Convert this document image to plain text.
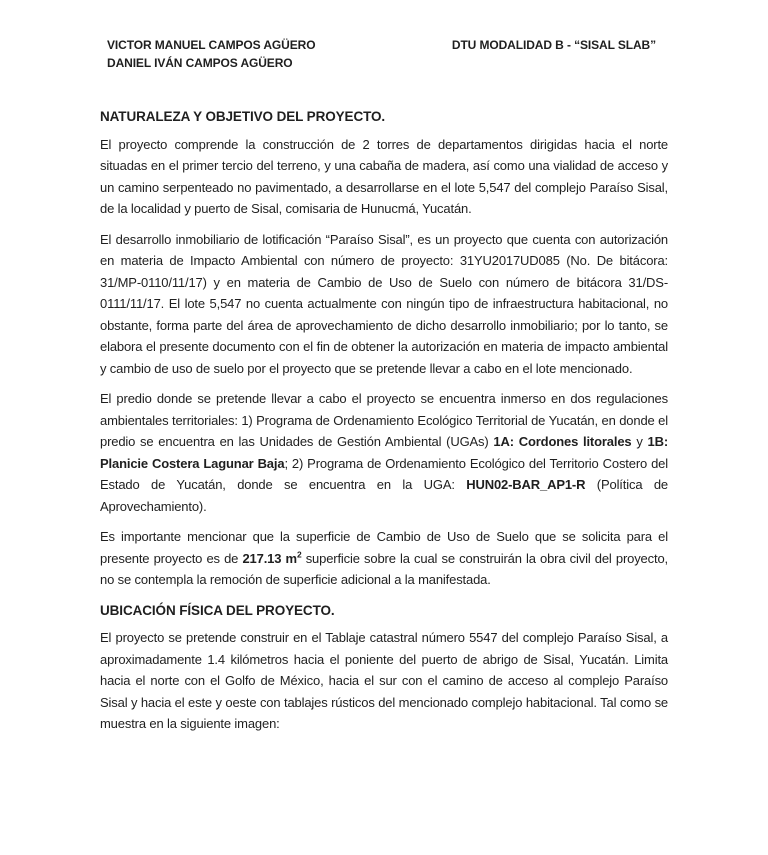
VICTOR MANUEL CAMPOS AGÜERO
DANIEL IVÁN CAMPOS AGÜERO
DTU MODALIDAD B - “SISAL SLAB”
NATURALEZA Y OBJETIVO DEL PROYECTO.

El proyecto comprende la construcción de 2 torres de departamentos dirigidas hacia el norte situadas en el primer tercio del terreno, y una cabaña de madera, así como una vialidad de acceso y un camino serpenteado no pavimentado, a desarrollarse en el lote 5,547 del complejo Paraíso Sisal, de la localidad y puerto de Sisal, comisaria de Hunucmá, Yucatán.

El desarrollo inmobiliario de lotificación “Paraíso Sisal”, es un proyecto que cuenta con autorización en materia de Impacto Ambiental con número de proyecto: 31YU2017UD085 (No. De bitácora: 31/MP-0110/11/17) y en materia de Cambio de Uso de Suelo con número de bitácora 31/DS-0111/11/17. El lote 5,547 no cuenta actualmente con ningún tipo de infraestructura habitacional, no obstante, forma parte del área de aprovechamiento de dicho desarrollo inmobiliario; por lo tanto, se elabora el presente documento con el fin de obtener la autorización en materia de impacto ambiental y cambio de uso de suelo por el proyecto que se pretende llevar a cabo en el lote mencionado.

El predio donde se pretende llevar a cabo el proyecto se encuentra inmerso en dos regulaciones ambientales territoriales: 1) Programa de Ordenamiento Ecológico Territorial de Yucatán, en donde el predio se encuentra en las Unidades de Gestión Ambiental (UGAs) 1A: Cordones litorales y 1B: Planicie Costera Lagunar Baja; 2) Programa de Ordenamiento Ecológico del Territorio Costero del Estado de Yucatán, donde se encuentra en la UGA: HUN02-BAR_AP1-R (Política de Aprovechamiento).

Es importante mencionar que la superficie de Cambio de Uso de Suelo que se solicita para el presente proyecto es de 217.13 $m^2$ superficie sobre la cual se construirán la obra civil del proyecto, no se contempla la remoción de superficie adicional a la manifestada.

UBICACIÓN FÍSICA DEL PROYECTO.

El proyecto se pretende construir en el Tablaje catastral número 5547 del complejo Paraíso Sisal, a aproximadamente 1.4 kilómetros hacia el poniente del puerto de abrigo de Sisal, Yucatán. Limita hacia el norte con el Golfo de México, hacia el sur con el camino de acceso al complejo Paraíso Sisal y hacia el este y oeste con tablajes rústicos del mencionado complejo habitacional. Tal como se muestra en la siguiente imagen:
